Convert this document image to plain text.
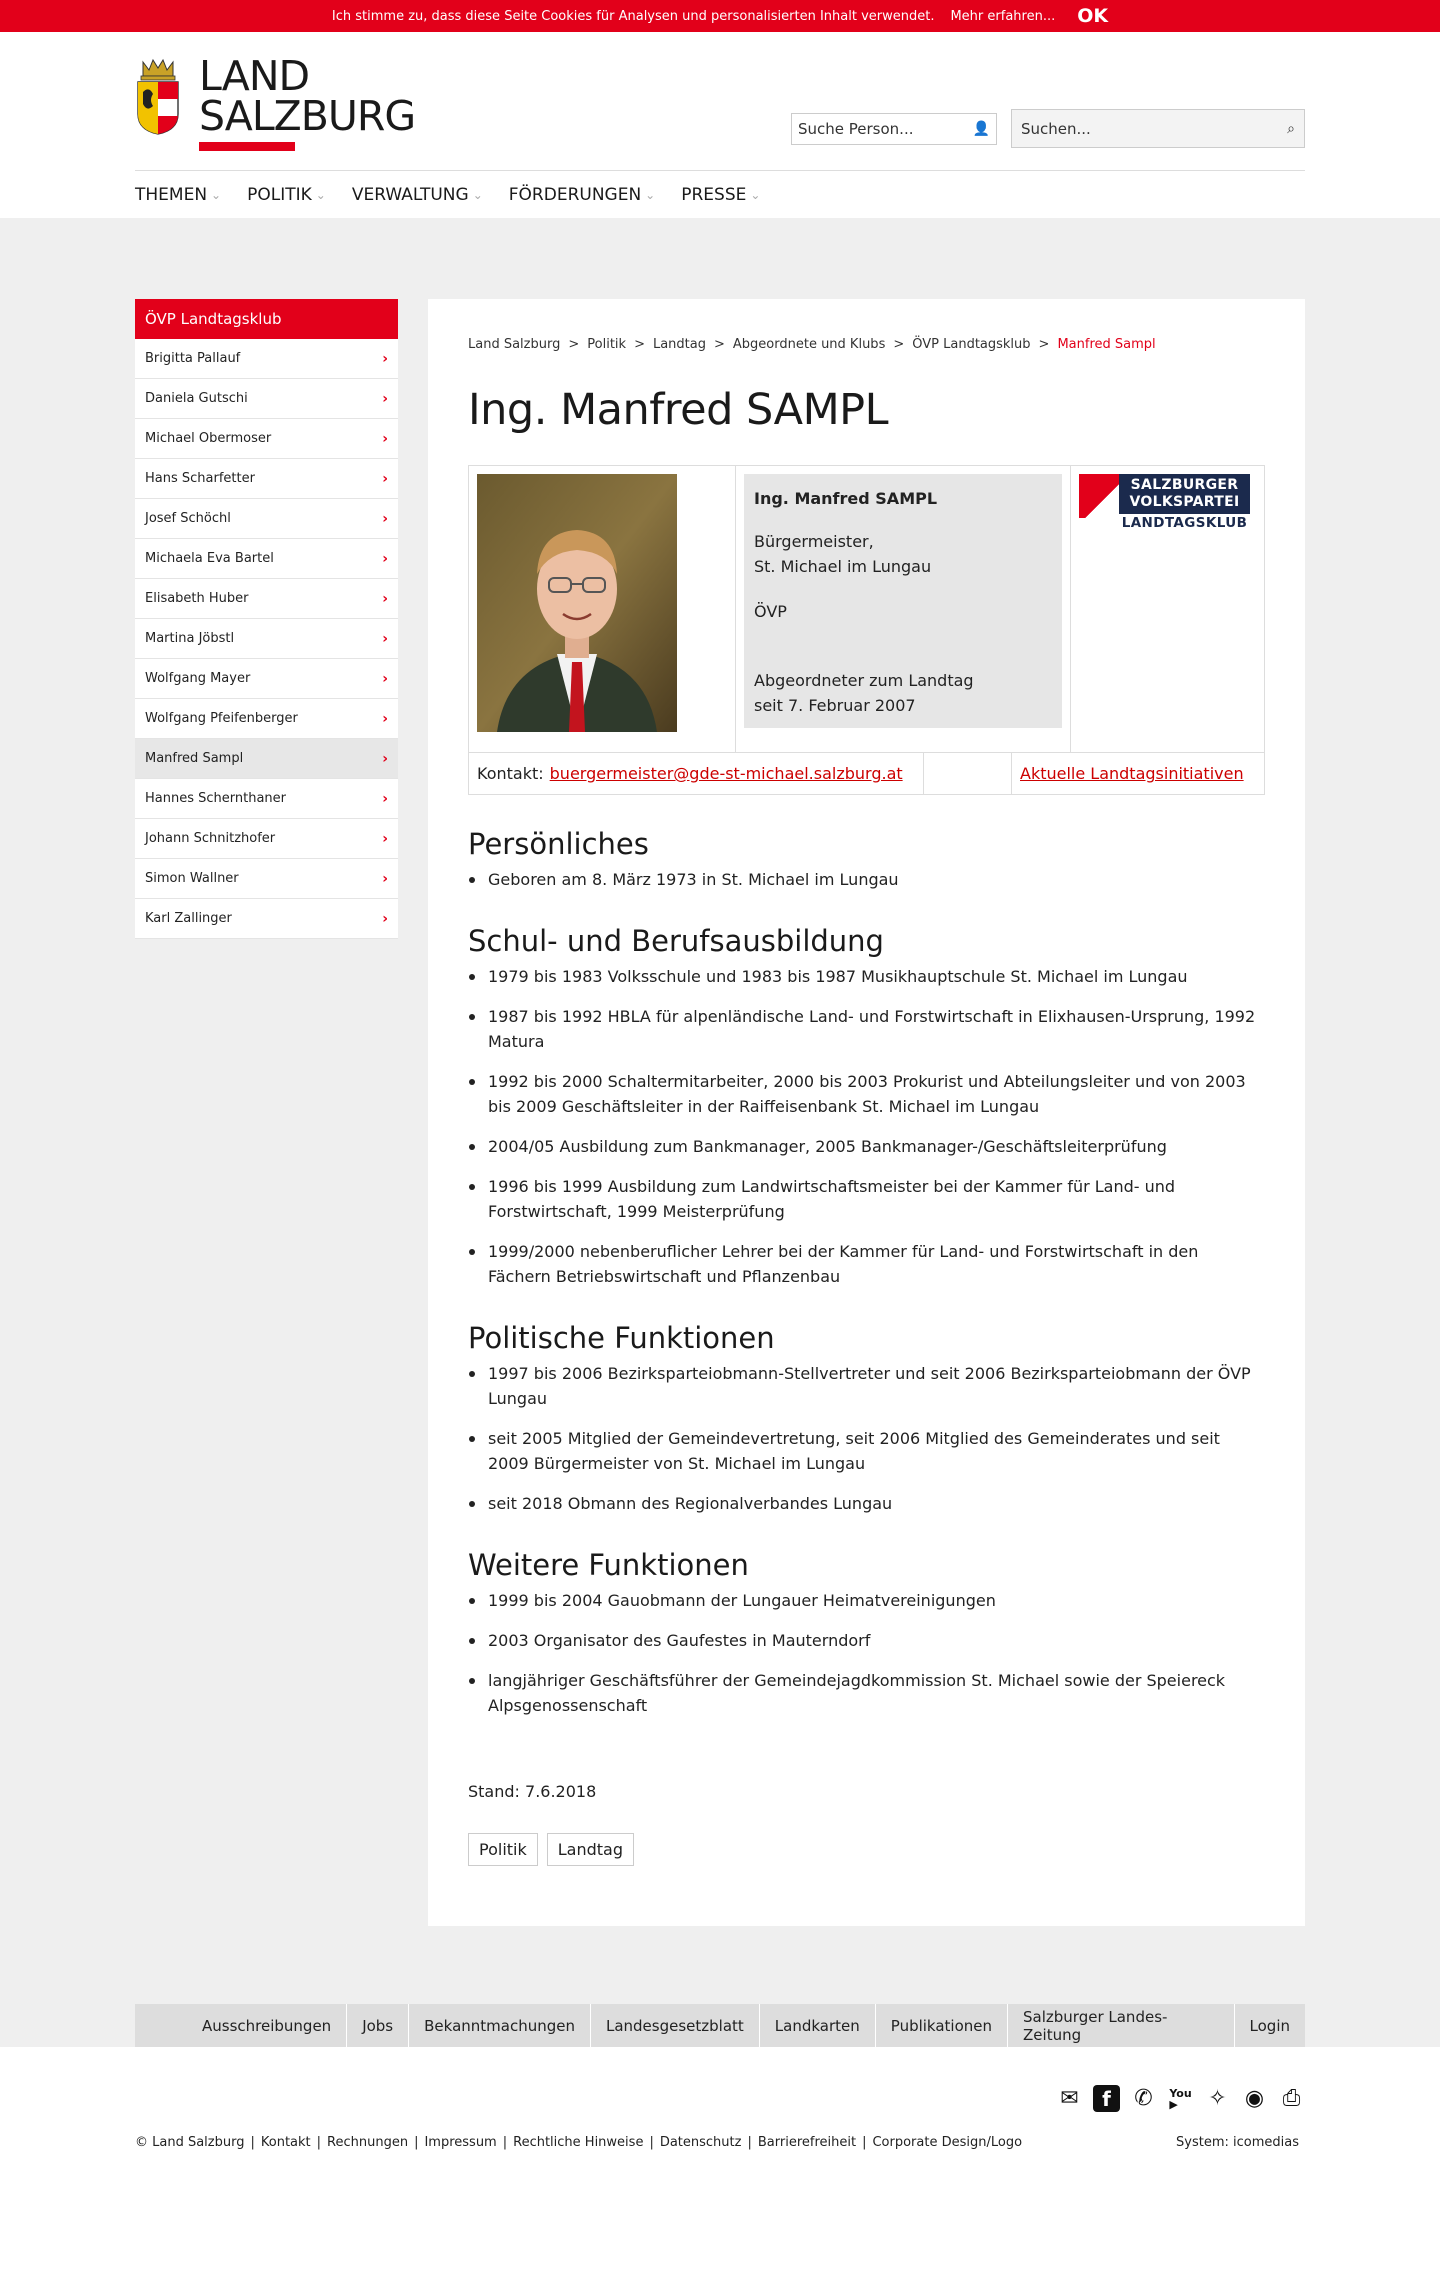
Ich stimme zu, dass diese Seite Cookies für Analysen und personalisierten Inhalt verwendet. Mehr erfahren... OK
LAND
SALZBURG	Suche Person...	👤 Suchen...	⌕
THEMEN ⌄ POLITIK ⌄ VERWALTUNG ⌄ FÖRDERUNGEN ⌄ PRESSE ⌄
ÖVP Landtagsklub
Brigitta Pallauf	›
Daniela Gutschi	›
Michael Obermoser	›
Hans Scharfetter	›
Josef Schöchl	›
Michaela Eva Bartel	›
Elisabeth Huber	›
Martina Jöbstl	›
Wolfgang Mayer	›
Wolfgang Pfeifenberger	›
Manfred Sampl	›
Hannes Schernthaner	›
Johann Schnitzhofer	›
Simon Wallner	›
Karl Zallinger	›
Land Salzburg > Politik > Landtag > Abgeordnete und Klubs > ÖVP Landtagsklub > Manfred Sampl
Ing. Manfred SAMPL
Ing. Manfred SAMPL

Bürgermeister,
St. Michael im Lungau

ÖVP

Abgeordneter zum Landtag
seit 7. Februar 2007

SALZBURGER
VOLKSPARTEI
LANDTAGSKLUB
Kontakt: buergermeister@gde-st-michael.salzburg.at	Aktuelle Landtagsinitiativen
Persönliches
Geboren am 8. März 1973 in St. Michael im Lungau
Schul- und Berufsausbildung
1979 bis 1983 Volksschule und 1983 bis 1987 Musikhauptschule St. Michael im Lungau
1987 bis 1992 HBLA für alpenländische Land- und Forstwirtschaft in Elixhausen-Ursprung, 1992 Matura
1992 bis 2000 Schaltermitarbeiter, 2000 bis 2003 Prokurist und Abteilungsleiter und von 2003 bis 2009 Geschäftsleiter in der Raiffeisenbank St. Michael im Lungau
2004/05 Ausbildung zum Bankmanager, 2005 Bankmanager-/Geschäftsleiterprüfung
1996 bis 1999 Ausbildung zum Landwirtschaftsmeister bei der Kammer für Land- und Forstwirtschaft, 1999 Meisterprüfung
1999/2000 nebenberuflicher Lehrer bei der Kammer für Land- und Forstwirtschaft in den Fächern Betriebswirtschaft und Pflanzenbau
Politische Funktionen
1997 bis 2006 Bezirksparteiobmann-Stellvertreter und seit 2006 Bezirksparteiobmann der ÖVP Lungau
seit 2005 Mitglied der Gemeindevertretung, seit 2006 Mitglied des Gemeinderates und seit 2009 Bürgermeister von St. Michael im Lungau
seit 2018 Obmann des Regionalverbandes Lungau
Weitere Funktionen
1999 bis 2004 Gauobmann der Lungauer Heimatvereinigungen
2003 Organisator des Gaufestes in Mauterndorf
langjähriger Geschäftsführer der Gemeindejagdkommission St. Michael sowie der Speiereck Alpsgenossenschaft
Stand: 7.6.2018
Politik	Landtag
Ausschreibungen	Jobs	Bekanntmachungen	Landesgesetzblatt	Landkarten	Publikationen	Salzburger Landes-Zeitung	Login
✉	f	✆	You
▶	✧ ◉ ⎙
© Land Salzburg | Kontakt | Rechnungen | Impressum | Rechtliche Hinweise | Datenschutz | Barrierefreiheit | Corporate Design/Logo	System: icomedias
